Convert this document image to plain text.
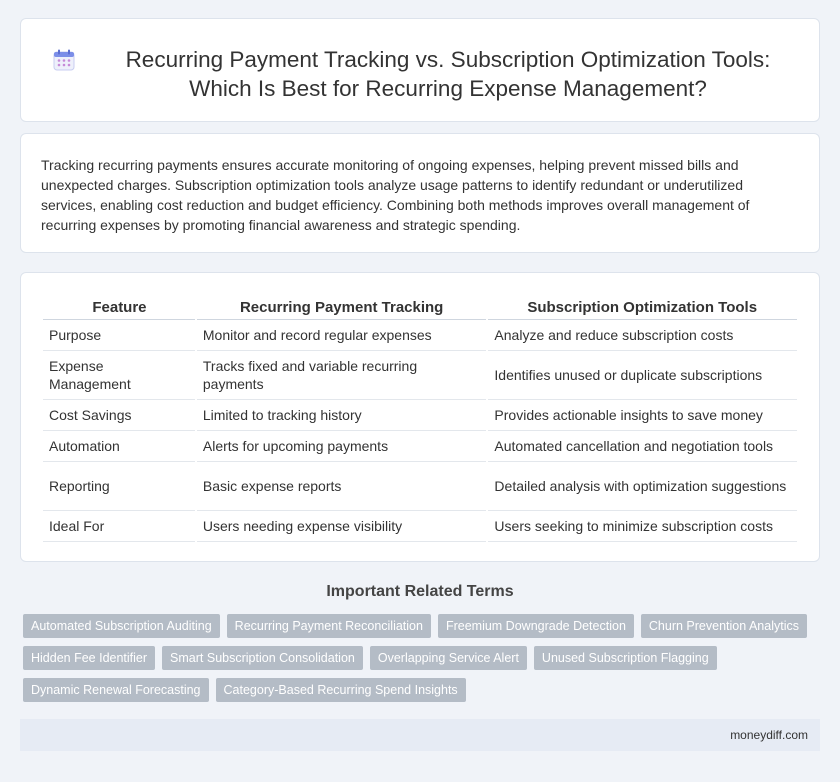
Recurring Payment Tracking vs. Subscription Optimization Tools: Which Is Best for Recurring Expense Management?

Tracking recurring payments ensures accurate monitoring of ongoing expenses, helping prevent missed bills and unexpected charges. Subscription optimization tools analyze usage patterns to identify redundant or underutilized services, enabling cost reduction and budget efficiency. Combining both methods improves overall management of recurring expenses by promoting financial awareness and strategic spending.

Feature	Recurring Payment Tracking	Subscription Optimization Tools
Purpose	Monitor and record regular expenses	Analyze and reduce subscription costs
Expense Management	Tracks fixed and variable recurring payments	Identifies unused or duplicate subscriptions
Cost Savings	Limited to tracking history	Provides actionable insights to save money
Automation	Alerts for upcoming payments	Automated cancellation and negotiation tools
Reporting	Basic expense reports	Detailed analysis with optimization suggestions
Ideal For	Users needing expense visibility	Users seeking to minimize subscription costs
Important Related Terms
Automated Subscription Auditing	Recurring Payment Reconciliation	Freemium Downgrade Detection	Churn Prevention Analytics
Hidden Fee Identifier	Smart Subscription Consolidation	Overlapping Service Alert	Unused Subscription Flagging
Dynamic Renewal Forecasting	Category-Based Recurring Spend Insights
moneydiff.com
